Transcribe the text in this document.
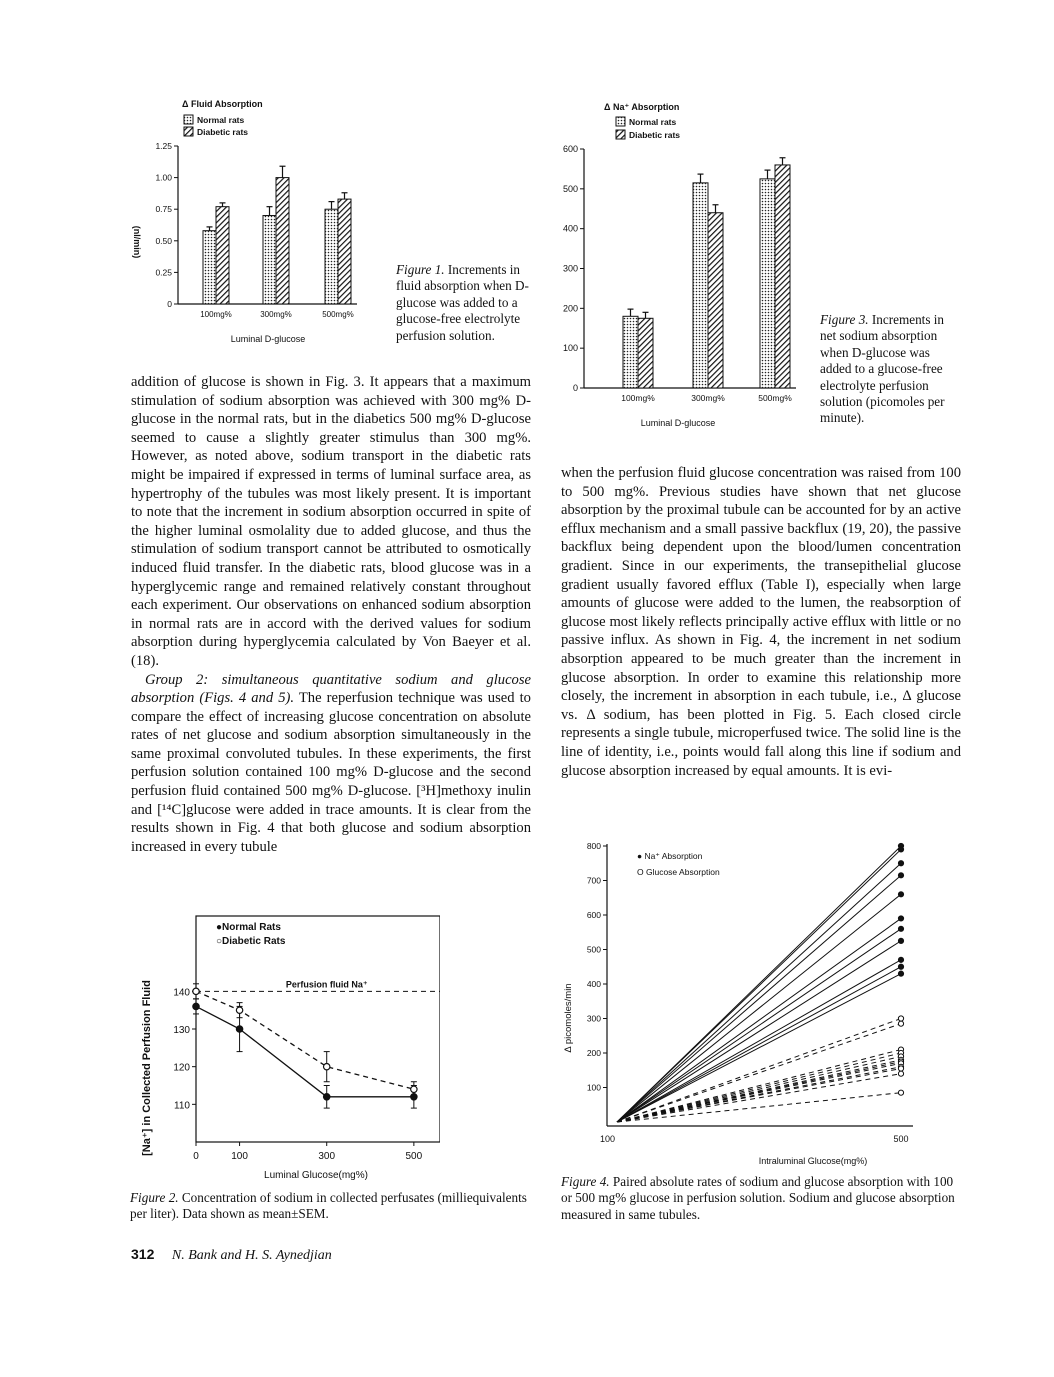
Δ Fluid Absorption
Normal rats
Diabetic rats
(nl/min)
0
0.25
0.50
0.75
1.00
1.25
100mg%	300mg%	500mg%
Luminal D-glucose
Figure 1. Increments in fluid absorption when D-glucose was added to a glucose-free electrolyte perfusion solution.
Δ Na⁺ Absorption
Normal rats
Diabetic rats
0
100
200
300
400
500
600
100mg%	300mg%	500mg%
Luminal D-glucose
Figure 3. Increments in net sodium absorption when D-glucose was added to a glucose-free electrolyte perfusion solution (picomoles per minute).

addition of glucose is shown in Fig. 3. It appears that a maximum stimulation of sodium absorption was achieved with 300 mg% D-glucose in the normal rats, but in the diabetics 500 mg% D-glucose seemed to cause a slightly greater stimulus than 300 mg%. However, as noted above, sodium transport in the diabetic rats might be impaired if expressed in terms of luminal surface area, as hypertrophy of the tubules was most likely present. It is important to note that the increment in sodium absorption occurred in spite of the higher luminal osmolality due to added glucose, and thus the stimulation of sodium transport cannot be attributed to osmotically induced fluid transfer. In the diabetic rats, blood glucose was in a hyperglycemic range and remained relatively constant throughout each experiment. Our observations on enhanced sodium absorption in normal rats are in accord with the derived values for sodium absorption during hyperglycemia calculated by Von Baeyer et al. (18).

Group 2: simultaneous quantitative sodium and glucose absorption (Figs. 4 and 5). The reperfusion technique was used to compare the effect of increasing glucose concentration on absolute rates of net glucose and sodium absorption simultaneously in the same proximal convoluted tubules. In these experiments, the first perfusion solution contained 100 mg% D-glucose and the second perfusion fluid contained 500 mg% D-glucose. [³H]methoxy inulin and [¹⁴C]glucose were added in trace amounts. It is clear from the results shown in Fig. 4 that both glucose and sodium absorption increased in every tubule

when the perfusion fluid glucose concentration was raised from 100 to 500 mg%. Previous studies have shown that net glucose absorption by the proximal tubule can be accounted for by an active efflux mechanism and a small passive backflux (19, 20), the passive backflux being dependent upon the blood/lumen concentration gradient. Since in our experiments, the transepithelial glucose gradient usually favored efflux (Table I), especially when large amounts of glucose were added to the lumen, the reabsorption of glucose most likely reflects principally active efflux with little or no passive influx. As shown in Fig. 4, the increment in net sodium absorption appeared to be much greater than the increment in glucose absorption. In order to examine this relationship more closely, the increment in absorption in each tubule, i.e., Δ glucose vs. Δ sodium, has been plotted in Fig. 5. Each closed circle represents a single tubule, microperfused twice. The solid line is the line of identity, i.e., points would fall along this line if sodium and glucose absorption increased by equal amounts. It is evi-

[Na⁺] in Collected Perfusion Fluid 110
120
130
140
0	100	300	500
Perfusion fluid Na⁺
●Normal Rats
○Diabetic Rats
Luminal Glucose(mg%)
Figure 2. Concentration of sodium in collected perfusates (milliequivalents per liter). Data shown as mean±SEM.
Δ picomoles/min
100
200
300
400
500
600
700
800
100	500
● Na⁺ Absorption
O Glucose Absorption
Intraluminal Glucose(mg%)
Figure 4. Paired absolute rates of sodium and glucose absorption with 100 or 500 mg% glucose in perfusion solution. Sodium and glucose absorption measured in same tubules.
312 N. Bank and H. S. Aynedjian
